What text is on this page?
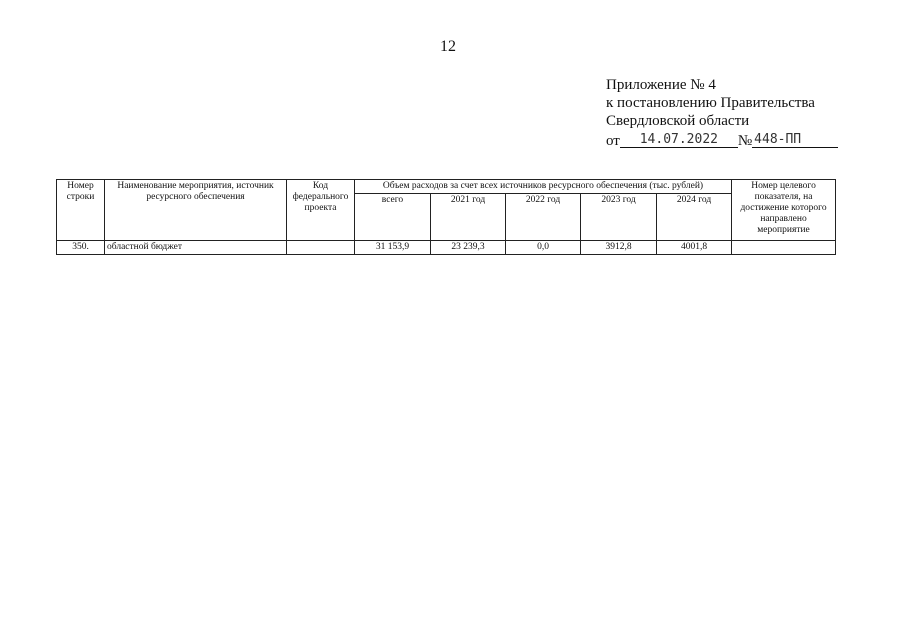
12
Приложение № 4
к постановлению Правительства
Свердловской области
от	14.07.2022	№ 448-ПП
Номер строки	Наименование мероприятия, источник ресурсного обеспечения	Код федерального проекта	Объем расходов за счет всех источников ресурсного обеспечения (тыс. рублей)					Номер целевого показателя, на достижение которого направлено мероприятие
			всего	2021 год	2022 год	2023 год	2024 год	
350.	областной бюджет		31 153,9	23 239,3	0,0	3912,8	4001,8	
